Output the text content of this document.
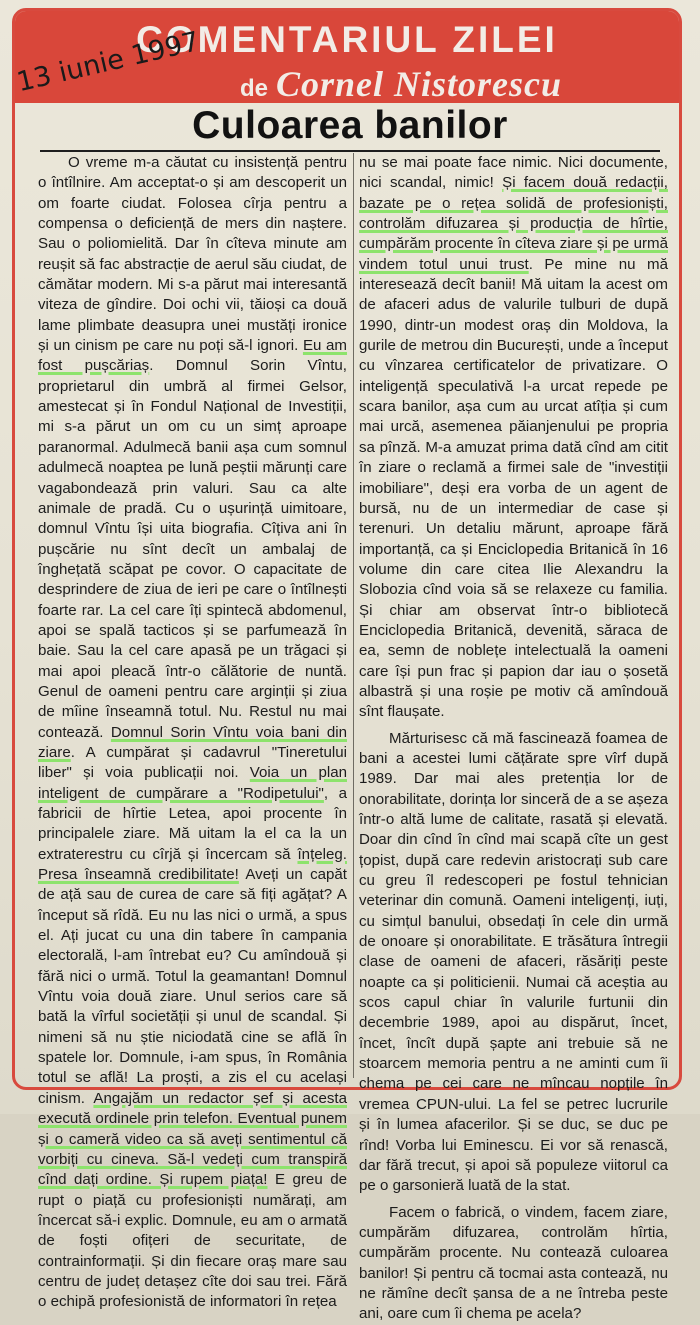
COMENTARIUL ZILEI
de Cornel Nistorescu
13 iunie 1997
Culoarea banilor

O vreme m-a căutat cu insistență pentru o întîlnire. Am acceptat-o și am descoperit un om foarte ciudat. Folosea cîrja pentru a compensa o deficiență de mers din naștere. Sau o poliomielită. Dar în cîteva minute am reușit să fac abstracție de aerul său ciudat, de cămătar modern. Mi s-a părut mai interesantă viteza de gîndire. Doi ochi vii, tăioși ca două lame plimbate deasupra unei mustăți ironice și un cinism pe care nu poți să-l ignori. Eu am fost pușcăriaș. Domnul Sorin Vîntu, proprietarul din umbră al firmei Gelsor, amestecat și în Fondul Național de Investiții, mi s-a părut un om cu un simț aproape paranormal. Adulmecă banii așa cum somnul adulmecă noaptea pe lună peștii mărunți care vagabondează prin valuri. Sau ca alte animale de pradă. Cu o ușurință uimitoare, domnul Vîntu își uita biografia. Cîțiva ani în pușcărie nu sînt decît un ambalaj de înghețată scăpat pe covor. O capacitate de desprindere de ziua de ieri pe care o întîlnești foarte rar. La cel care îți spintecă abdomenul, apoi se spală tacticos și se parfumează în baie. Sau la cel care apasă pe un trăgaci și mai apoi pleacă într-o călătorie de nuntă. Genul de oameni pentru care arginții și ziua de mîine înseamnă totul. Nu. Restul nu mai contează. Domnul Sorin Vîntu voia bani din ziare. A cumpărat și cadavrul "Tineretului liber" și voia publicații noi. Voia un plan inteligent de cumpărare a "Rodipetului", a fabricii de hîrtie Letea, apoi procente în principalele ziare. Mă uitam la el ca la un extraterestru cu cîrjă și încercam să înțeleg. Presa înseamnă credibilitate! Aveți un capăt de ață sau de curea de care să fiți agățat? A început să rîdă. Eu nu las nici o urmă, a spus el. Ați jucat cu una din tabere în campania electorală, l-am întrebat eu? Cu amîndouă și fără nici o urmă. Totul la geamantan! Domnul Vîntu voia două ziare. Unul serios care să bată la vîrful societății și unul de scandal. Și nimeni să nu știe niciodată cine se află în spatele lor. Domnule, i-am spus, în România totul se află! La proști, a zis el cu același cinism. Angajăm un redactor șef și acesta execută ordinele prin telefon. Eventual punem și o cameră video ca să aveți sentimentul că vorbiți cu cineva. Să-l vedeți cum transpiră cînd dați ordine. Și rupem piața! E greu de rupt o piață cu profesioniști numărați, am încercat să-i explic. Domnule, eu am o armată de foști ofițeri de securitate, de contrainformații. Și din fiecare oraș mare sau centru de județ detașez cîte doi sau trei. Fără o echipă profesionistă de informatori în rețea

nu se mai poate face nimic. Nici documente, nici scandal, nimic! Și facem două redacții, bazate pe o rețea solidă de profesioniști, controlăm difuzarea și producția de hîrtie, cumpărăm procente în cîteva ziare și pe urmă vindem totul unui trust. Pe mine nu mă interesează decît banii! Mă uitam la acest om de afaceri adus de valurile tulburi de după 1990, dintr-un modest oraș din Moldova, la gurile de metrou din București, unde a început cu vînzarea certificatelor de privatizare. O inteligență speculativă l-a urcat repede pe scara banilor, așa cum au urcat atîția și cum mai urcă, asemenea păianjenului pe propria sa pînză. M-a amuzat prima dată cînd am citit în ziare o reclamă a firmei sale de "investiții imobiliare", deși era vorba de un agent de bursă, nu de un intermediar de case și terenuri. Un detaliu mărunt, aproape fără importanță, ca și Enciclopedia Britanică în 16 volume din care citea Ilie Alexandru la Slobozia cînd voia să se relaxeze cu familia. Și chiar am observat într-o bibliotecă Enciclopedia Britanică, devenită, săraca de ea, semn de noblețe intelectuală la oameni care își pun frac și papion dar iau o șosetă albastră și una roșie pe motiv că amîndouă sînt flaușate.

Mărturisesc că mă fascinează foamea de bani a acestei lumi cățărate spre vîrf după 1989. Dar mai ales pretenția lor de onorabilitate, dorința lor sinceră de a se așeza într-o altă lume de calitate, rasată și elevată. Doar din cînd în cînd mai scapă cîte un gest țopist, după care redevin aristocrați sub care cu greu îl redescoperi pe fostul tehnician veterinar din comună. Oameni inteligenți, iuți, cu simțul banului, obsedați în cele din urmă de onoare și onorabilitate. E trăsătura întregii clase de oameni de afaceri, răsăriți peste noapte ca și politicienii. Numai că aceștia au scos capul chiar în valurile furtunii din decembrie 1989, apoi au dispărut, încet, încet, încît după șapte ani trebuie să ne stoarcem memoria pentru a ne aminti cum îi chema pe cei care ne mîncau nopțile în vremea CPUN-ului. La fel se petrec lucrurile și în lumea afacerilor. Și se duc, se duc pe rînd! Vorba lui Eminescu. Ei vor să renască, dar fără trecut, și apoi să populeze viitorul ca pe o garsonieră luată de la stat.

Facem o fabrică, o vindem, facem ziare, cumpărăm difuzarea, controlăm hîrtia, cumpărăm procente. Nu contează culoarea banilor! Și pentru că tocmai asta contează, nu ne rămîne decît șansa de a ne întreba peste ani, oare cum îi chema pe acela?
